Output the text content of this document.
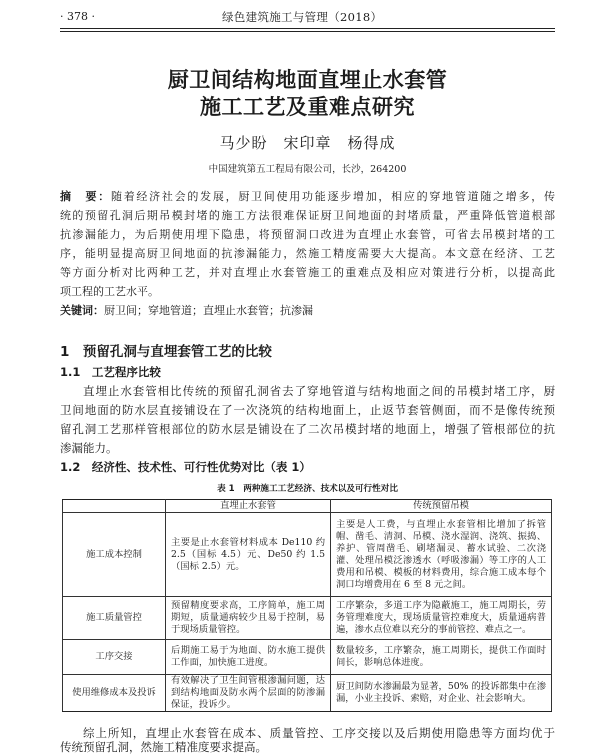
· 378 ·	绿色建筑施工与管理（2018）
厨卫间结构地面直埋止水套管
施工工艺及重难点研究
马少盼　宋印章　杨得成
中国建筑第五工程局有限公司，长沙，264200
摘　要：随着经济社会的发展，厨卫间使用功能逐步增加，相应的穿地管道随之增多，传
统的预留孔洞后期吊模封堵的施工方法很难保证厨卫间地面的封堵质量，严重降低管道根部
抗渗漏能力，为后期使用埋下隐患，将预留洞口改进为直埋止水套管，可省去吊模封堵的工
序，能明显提高厨卫间地面的抗渗漏能力，然施工精度需要大大提高。本文意在经济、工艺
等方面分析对比两种工艺，并对直埋止水套管施工的重难点及相应对策进行分析，以提高此
项工程的工艺水平。
关键词：厨卫间；穿地管道；直埋止水套管；抗渗漏
1　预留孔洞与直埋套管工艺的比较
1.1　工艺程序比较
直埋止水套管相比传统的预留孔洞省去了穿地管道与结构地面之间的吊模封堵工序，厨
卫间地面的防水层直接铺设在了一次浇筑的结构地面上，止返节套管侧面，而不是像传统预
留孔洞工艺那样管根部位的防水层是铺设在了二次吊模封堵的地面上，增强了管根部位的抗
渗漏能力。
1.2　经济性、技术性、可行性优势对比（表 1）
表 1　两种施工工艺经济、技术以及可行性对比
	直埋止水套管	传统预留吊模
施工成本控制	主要是止水套管材料成本 De110 约 2.5（国标 4.5）元、De50 约 1.5（国标 2.5）元。	主要是人工费，与直埋止水套管相比增加了拆管帽、凿毛、清洞、吊模、浇水湿润、浇筑、振捣、养护、管周凿毛、刷堵漏灵、蓄水试验、二次浇灌、处理吊模泛渗透水（呼吸渗漏）等工序的人工费用和吊模、模板的材料费用，综合施工成本每个洞口均增费用在 6 至 8 元之间。
施工质量管控	预留精度要求高，工序简单，施工周期短，质量通病较少且易于控制，易于现场质量管控。	工序繁杂，多道工序为隐蔽施工，施工周期长，劳务管理难度大，现场质量管控难度大，质量通病普遍，渗水点位难以充分的事前管控、难点之一。
工序交接	后期施工易于为地面、防水施工提供工作面，加快施工进度。	数量较多，工序繁杂，施工周期长，提供工作面时间长，影响总体进度。
使用维修成本及投诉	有效解决了卫生间管根渗漏问题，达到结构地面及防水两个层面的防渗漏保证，投诉少。	厨卫间防水渗漏最为显著，50% 的投诉都集中在渗漏，小业主投诉、索赔，对企业、社会影响大。
综上所知，直埋止水套管在成本、质量管控、工序交接以及后期使用隐患等方面均优于
传统预留孔洞，然施工精准度要求提高。
